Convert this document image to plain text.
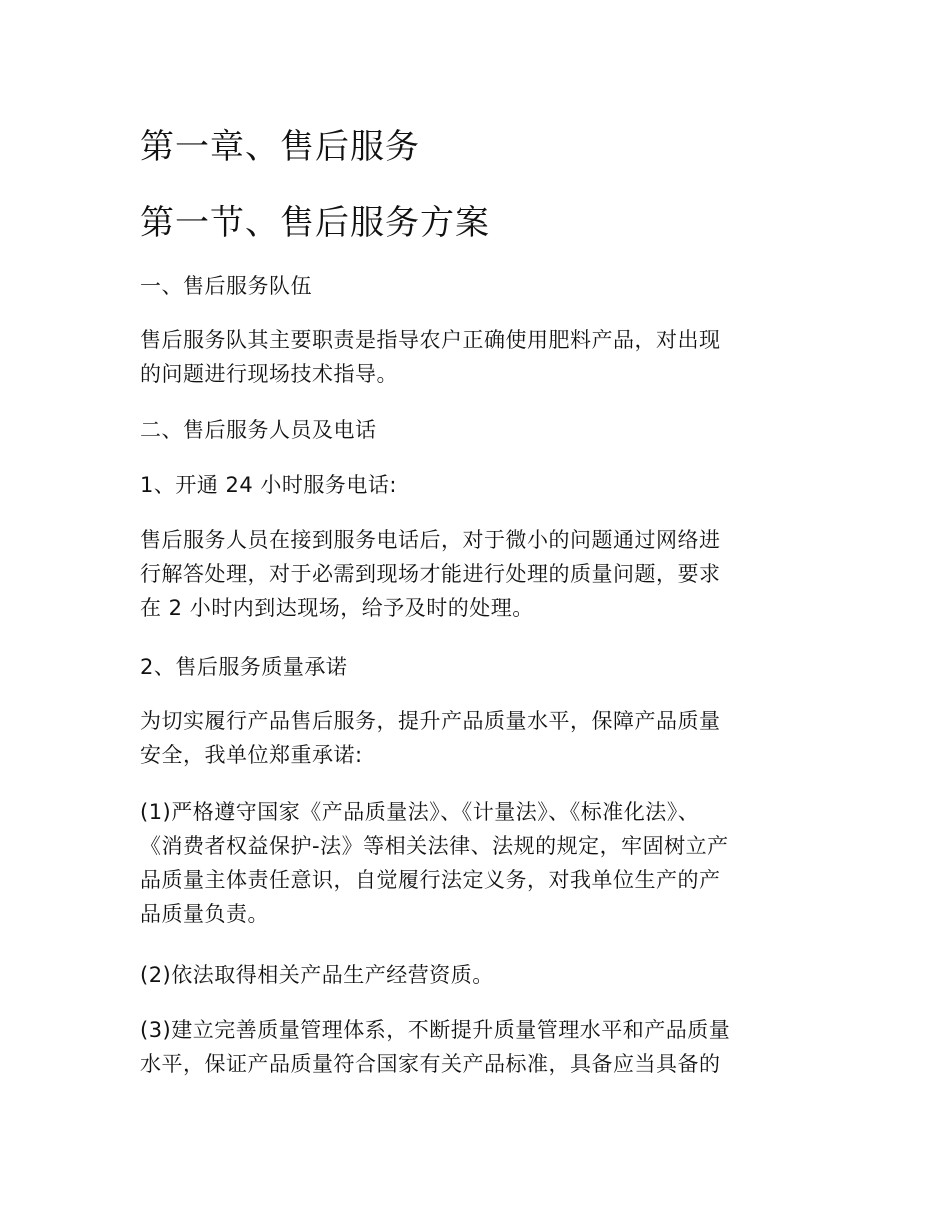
第一章、售后服务
第一节、售后服务方案
一、售后服务队伍
售后服务队其主要职责是指导农户正确使用肥料产品，对出现
的问题进行现场技术指导。
二、售后服务人员及电话
1、开通 24 小时服务电话:
售后服务人员在接到服务电话后，对于微小的问题通过网络进
行解答处理，对于必需到现场才能进行处理的质量问题，要求
在 2 小时内到达现场，给予及时的处理。
2、售后服务质量承诺
为切实履行产品售后服务，提升产品质量水平，保障产品质量
安全，我单位郑重承诺:
(1)严格遵守国家《产品质量法》、《计量法》、《标准化法》、
《消费者权益保护-法》等相关法律、法规的规定，牢固树立产
品质量主体责任意识，自觉履行法定义务，对我单位生产的产
品质量负责。
(2)依法取得相关产品生产经营资质。
(3)建立完善质量管理体系，不断提升质量管理水平和产品质量
水平，保证产品质量符合国家有关产品标准，具备应当具备的
